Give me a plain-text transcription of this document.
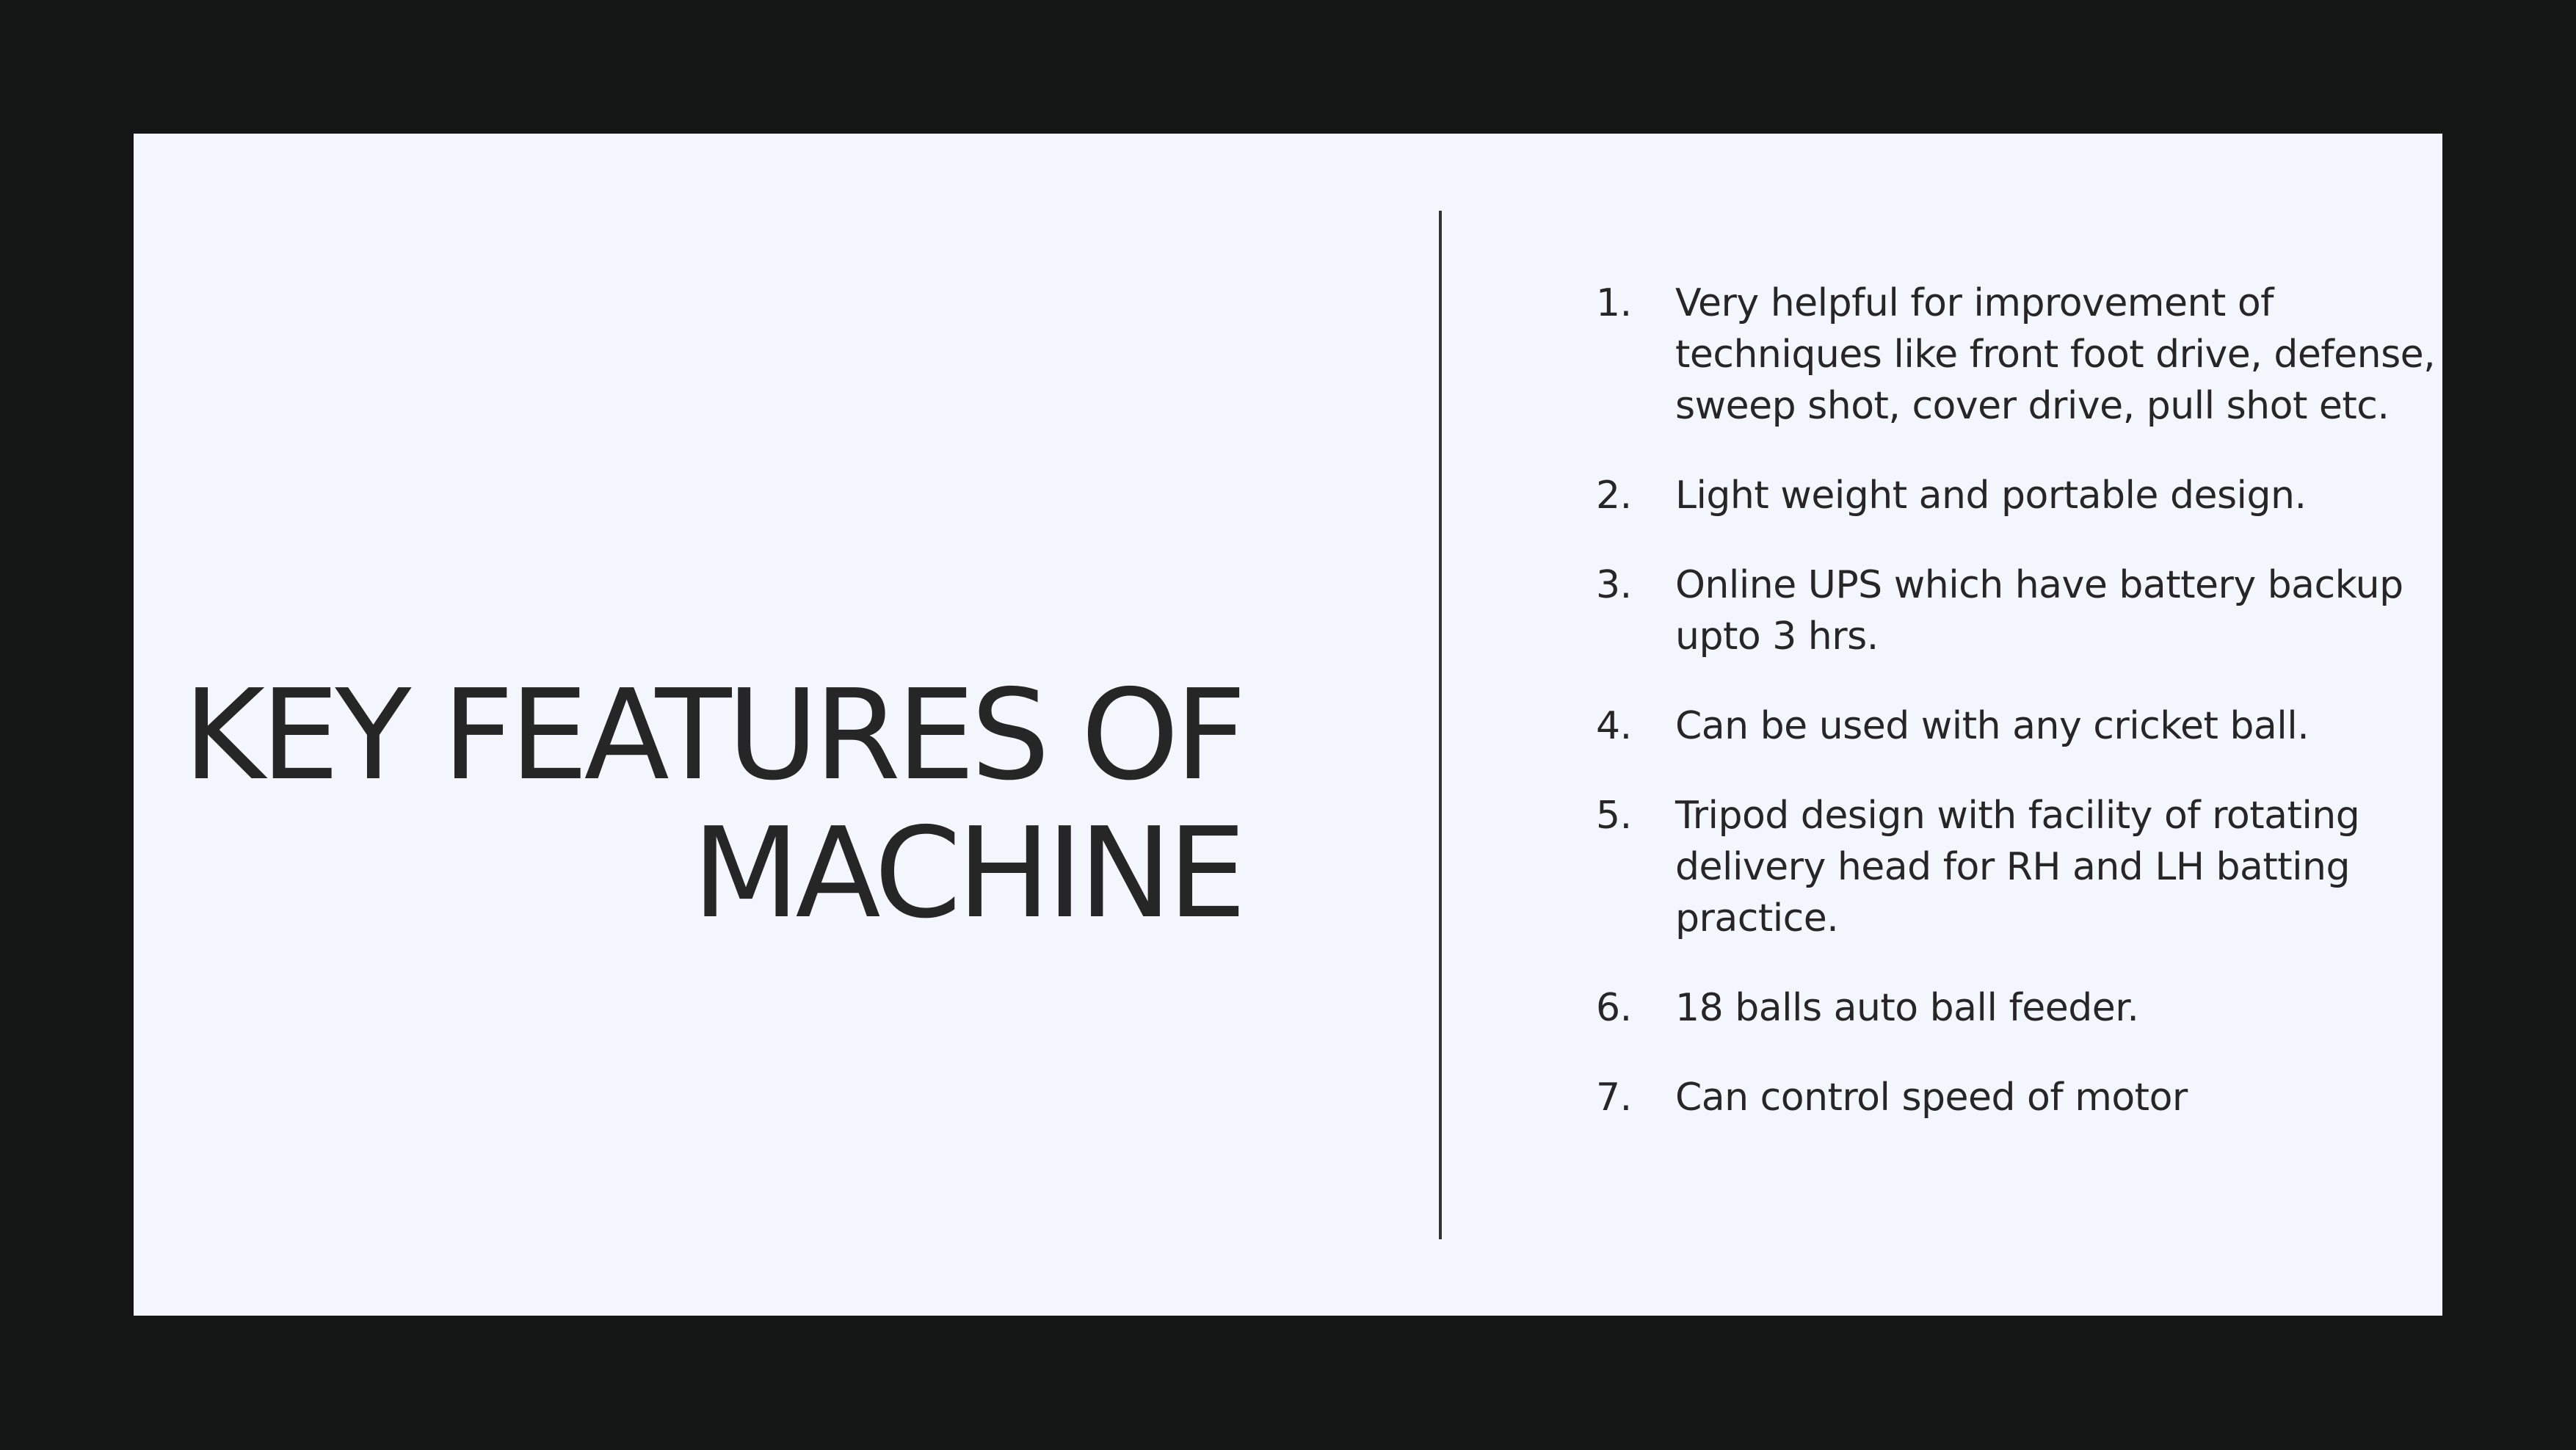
KEY FEATURES OF
MACHINE
1.	Very helpful for improvement of techniques like front foot drive, defense, sweep shot, cover drive, pull shot etc.
2.	Light weight and portable design.
3.	Online UPS which have battery backup upto 3 hrs.
4.	Can be used with any cricket ball.
5.	Tripod design with facility of rotating delivery head for RH and LH batting practice.
6.	18 balls auto ball feeder.
7.	Can control speed of motor
